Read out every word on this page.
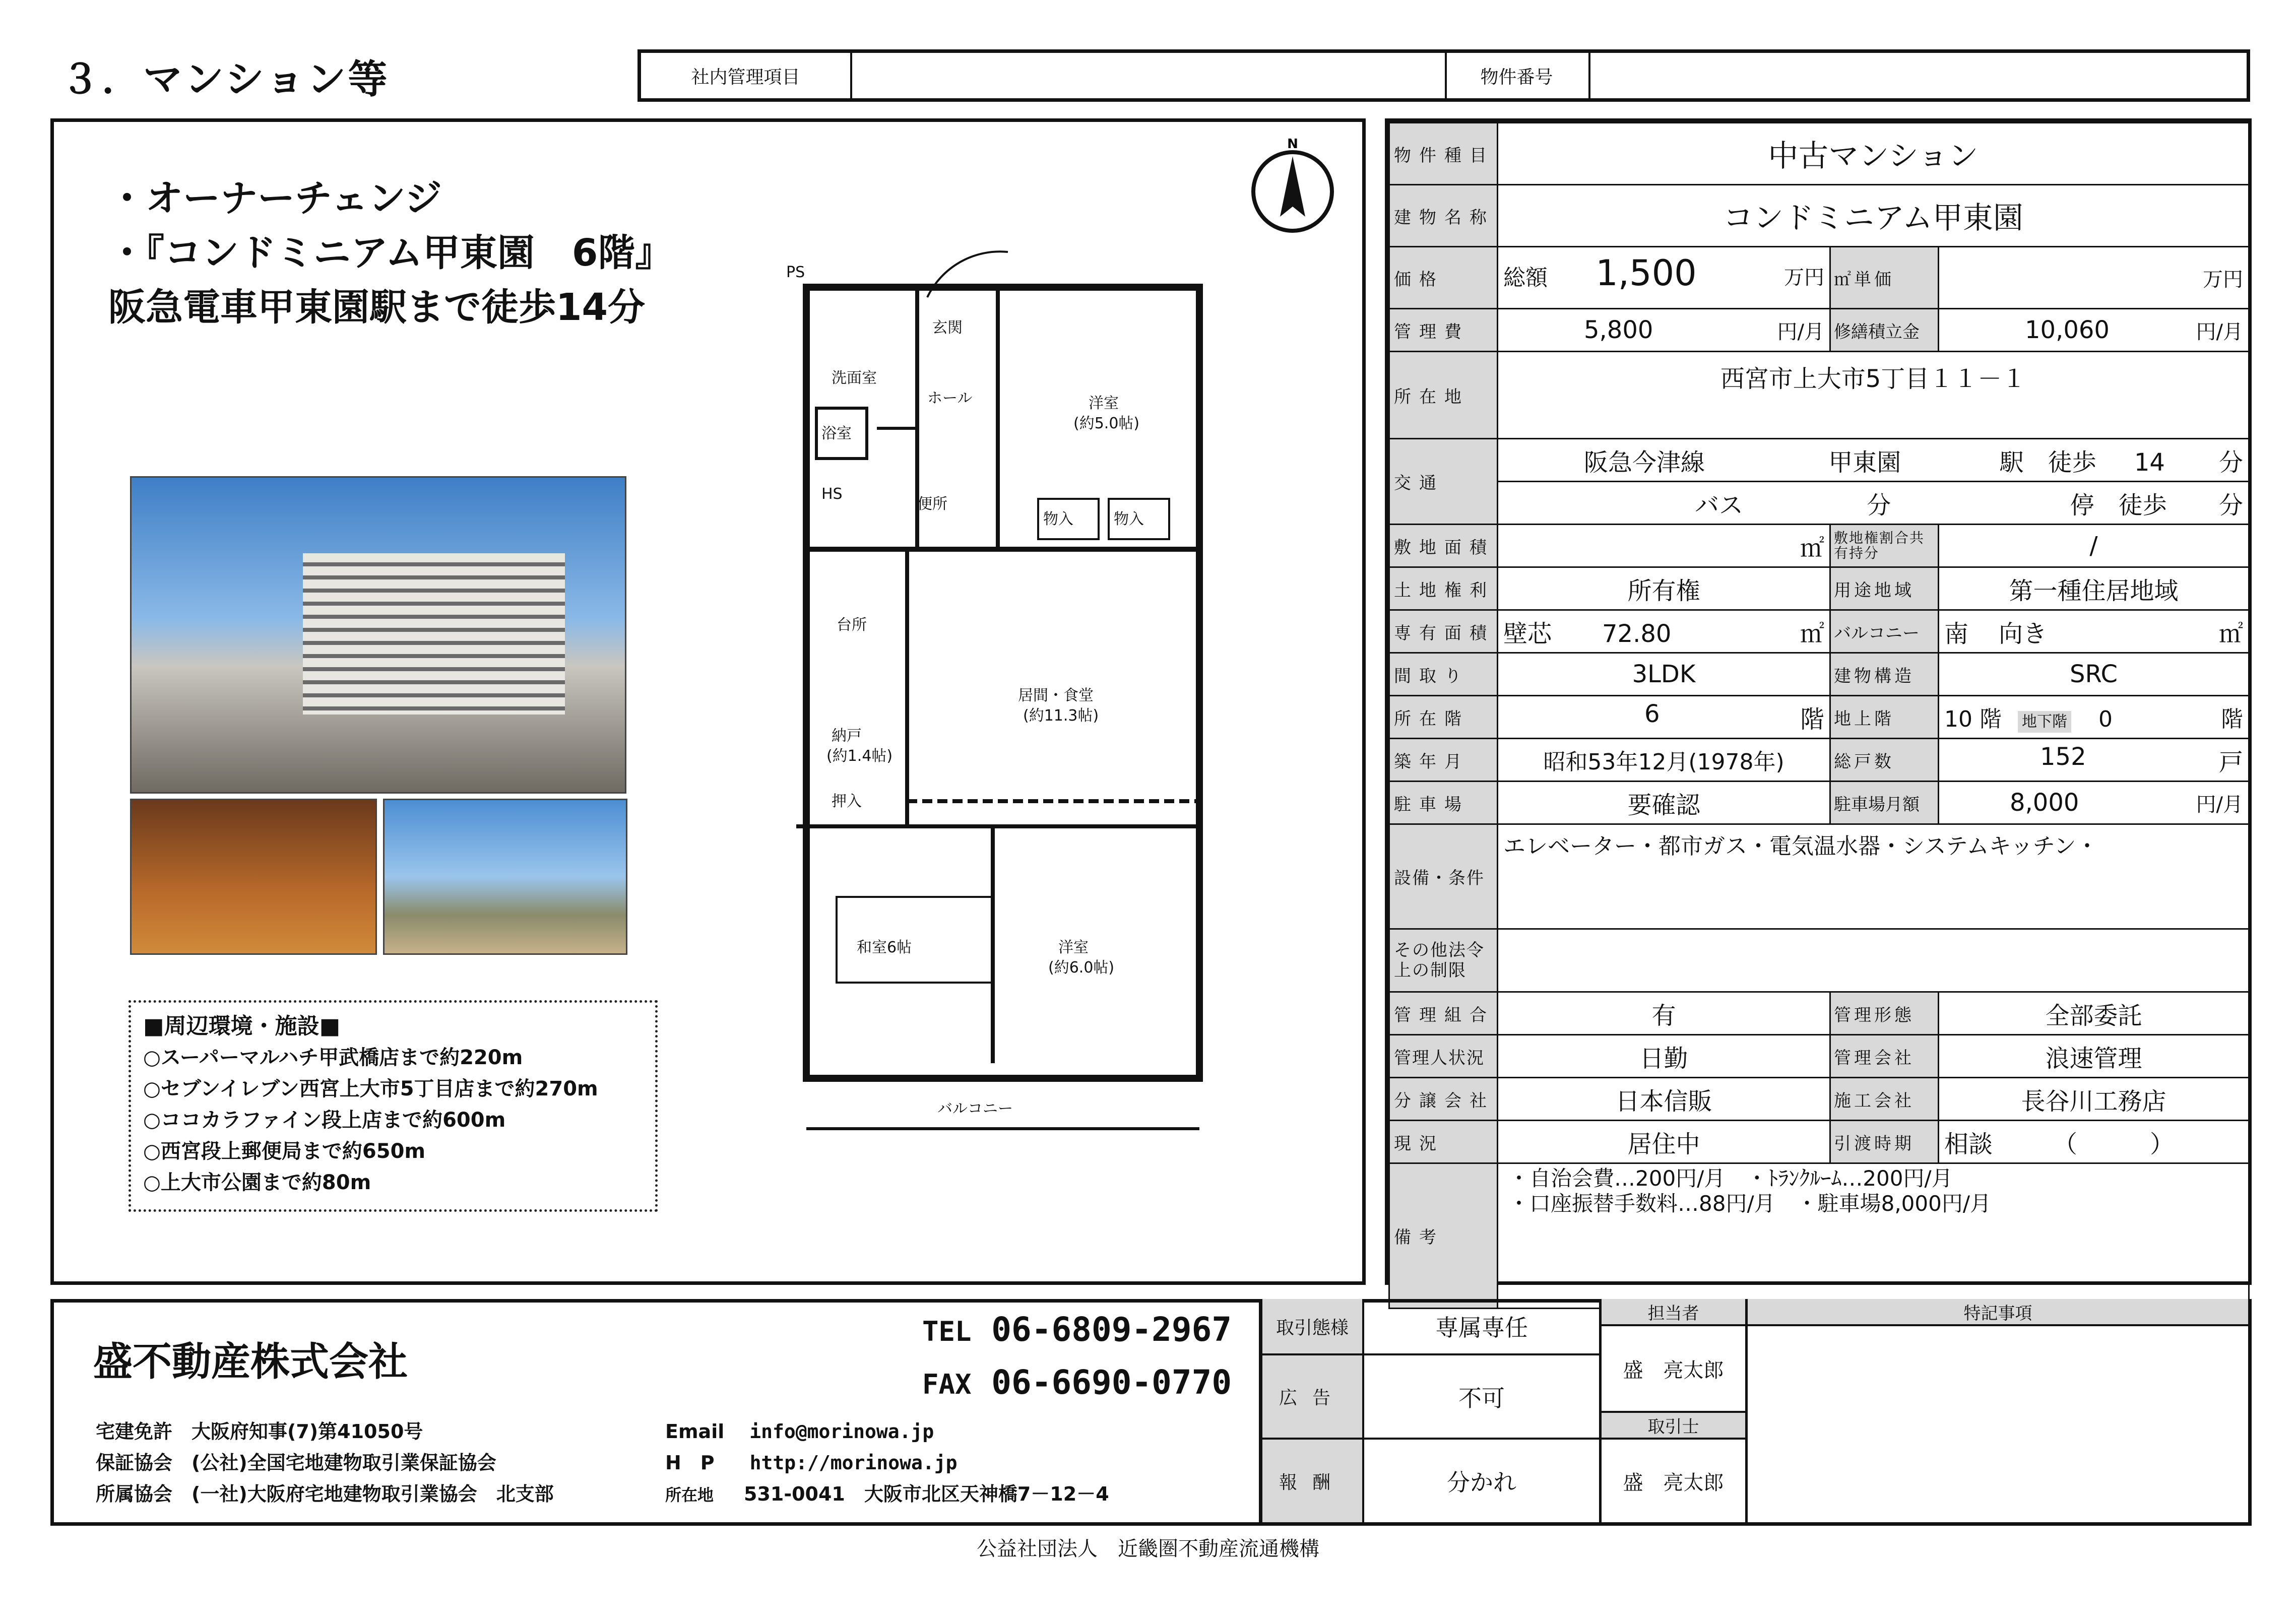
３．マンション等	社内管理項目	物件番号
・オーナーチェンジ
・『コンドミニアム甲東園　6階』
阪急電車甲東園駅まで徒歩14分
N
■周辺環境・施設■
○スーパーマルハチ甲武橋店まで約220m
○セブンイレブン西宮上大市5丁目店まで約270m
○ココカラファイン段上店まで約600m
○西宮段上郵便局まで約650m
○上大市公園まで約80m
PS
玄関
洗面室
浴室
ホール	洋室
(約5.0帖)
HS
便所
物入	物入
台所
居間・食堂
(約11.3帖)
納戸
(約1.4帖)
押入
和室6帖	洋室
(約6.0帖)
バルコニー
物件種目	中古マンション		
建物名称	コンドミニアム甲東園		
価格	総額 1,500 万円	㎡単価	万円
管理費	5,800 円/月	修繕積立金	10,060 円/月

所在地	西宮市上大市5丁目１１－１		
交通	阪急今津線 甲東園 駅　徒歩 14 分		

	バス 分 停　徒歩 分		

敷地面積	㎡	敷地権割合共有持分	/
土地権利	所有権	用途地域	第一種住居地域
専有面積	壁芯 72.80 ㎡	バルコニー	南 向き ㎡

間取り	3LDK	建物構造	SRC
所在階	6 階	地上階	10 階 地下階 0 階

築年月	昭和53年12月(1978年)	総戸数	152 戸

駐車場	要確認	駐車場月額	8,000 円/月

設備・条件	エレベーター・都市ガス・電気温水器・システムキッチン・		
その他法令上の制限			
管理組合	有	管理形態	全部委託
管理人状況	日勤	管理会社	浪速管理
分譲会社	日本信販	施工会社	長谷川工務店
現況	居住中	引渡時期	相談 （　　　）
備考	・自治会費…200円/月　・ﾄﾗﾝｸﾙｰﾑ…200円/月
・口座振替手数料…88円/月　・駐車場8,000円/月		
盛不動産株式会社
TEL 06-6809-2967
FAX 06-6690-0770
宅建免許　大阪府知事(7)第41050号
保証協会　(公社)全国宅地建物取引業保証協会
所属協会　(一社)大阪府宅地建物取引業協会　北支部
Email info@morinowa.jp
H　P http://morinowa.jp
所在地 531-0041　大阪市北区天神橋7－12－4
取引態様	専属専任
広告	不可
報酬	分かれ
担当者
盛　亮太郎
取引士
盛　亮太郎
特記事項
公益社団法人　近畿圏不動産流通機構
